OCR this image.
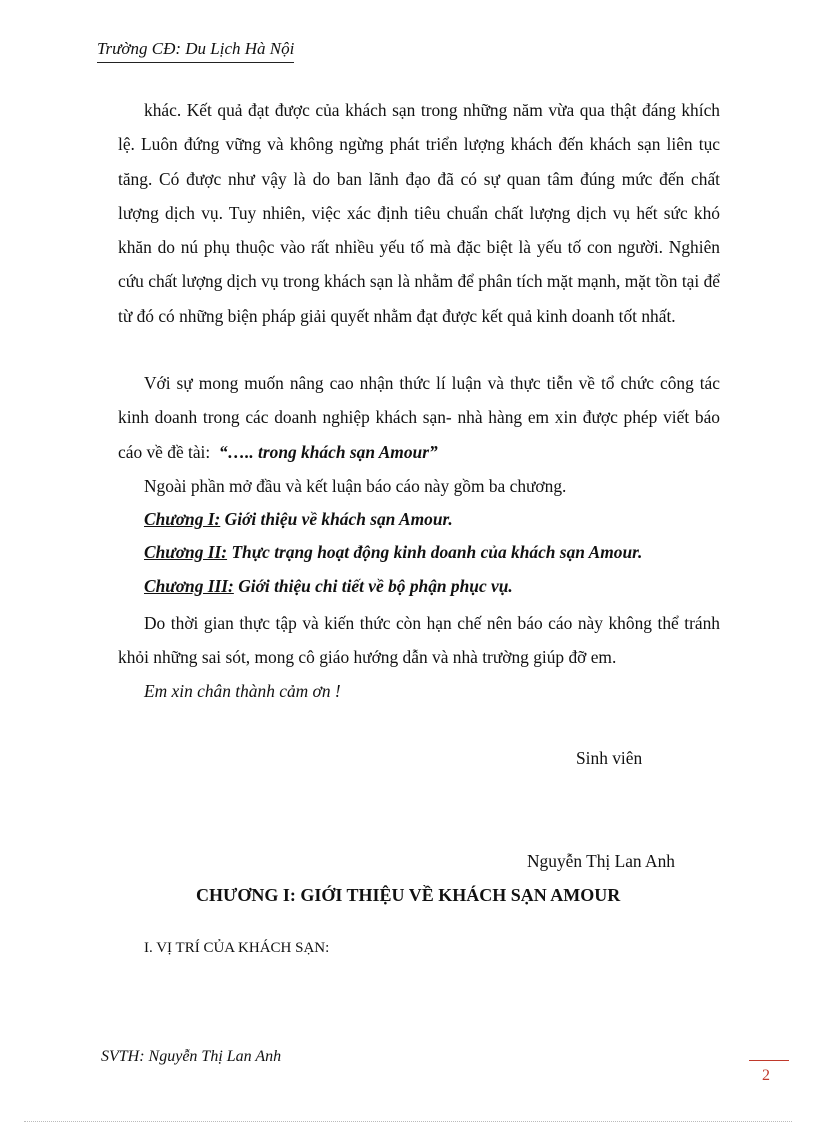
Trường CĐ: Du Lịch Hà Nội

khác. Kết quả đạt được của khách sạn trong những năm vừa qua thật đáng khích lệ. Luôn đứng vững và không ngừng phát triển lượng khách đến khách sạn liên tục tăng. Có được như vậy là do ban lãnh đạo đã có sự quan tâm đúng mức đến chất lượng dịch vụ. Tuy nhiên, việc xác định tiêu chuẩn chất lượng dịch vụ hết sức khó khăn do nú phụ thuộc vào rất nhiều yếu tố mà đặc biệt là yếu tố con người. Nghiên cứu chất lượng dịch vụ trong khách sạn là nhằm để phân tích mặt mạnh, mặt tồn tại để từ đó có những biện pháp giải quyết nhằm đạt được kết quả kinh doanh tốt nhất.

Với sự mong muốn nâng cao nhận thức lí luận và thực tiễn về tổ chức công tác kinh doanh trong các doanh nghiệp khách sạn- nhà hàng em xin được phép viết báo cáo về đề tài: “….. trong khách sạn Amour”

Ngoài phần mở đầu và kết luận báo cáo này gồm ba chương.
Chương I: Giới thiệu về khách sạn Amour.
Chương II: Thực trạng hoạt động kinh doanh của khách sạn Amour.
Chương III: Giới thiệu chi tiết về bộ phận phục vụ.

Do thời gian thực tập và kiến thức còn hạn chế nên báo cáo này không thể tránh khỏi những sai sót, mong cô giáo hướng dẫn và nhà trường giúp đỡ em.

Em xin chân thành cảm ơn !
Sinh viên
Nguyễn Thị Lan Anh
CHƯƠNG I: GIỚI THIỆU VỀ KHÁCH SẠN AMOUR
I. VỊ TRÍ CỦA KHÁCH SẠN:
SVTH: Nguyễn Thị Lan Anh
2
